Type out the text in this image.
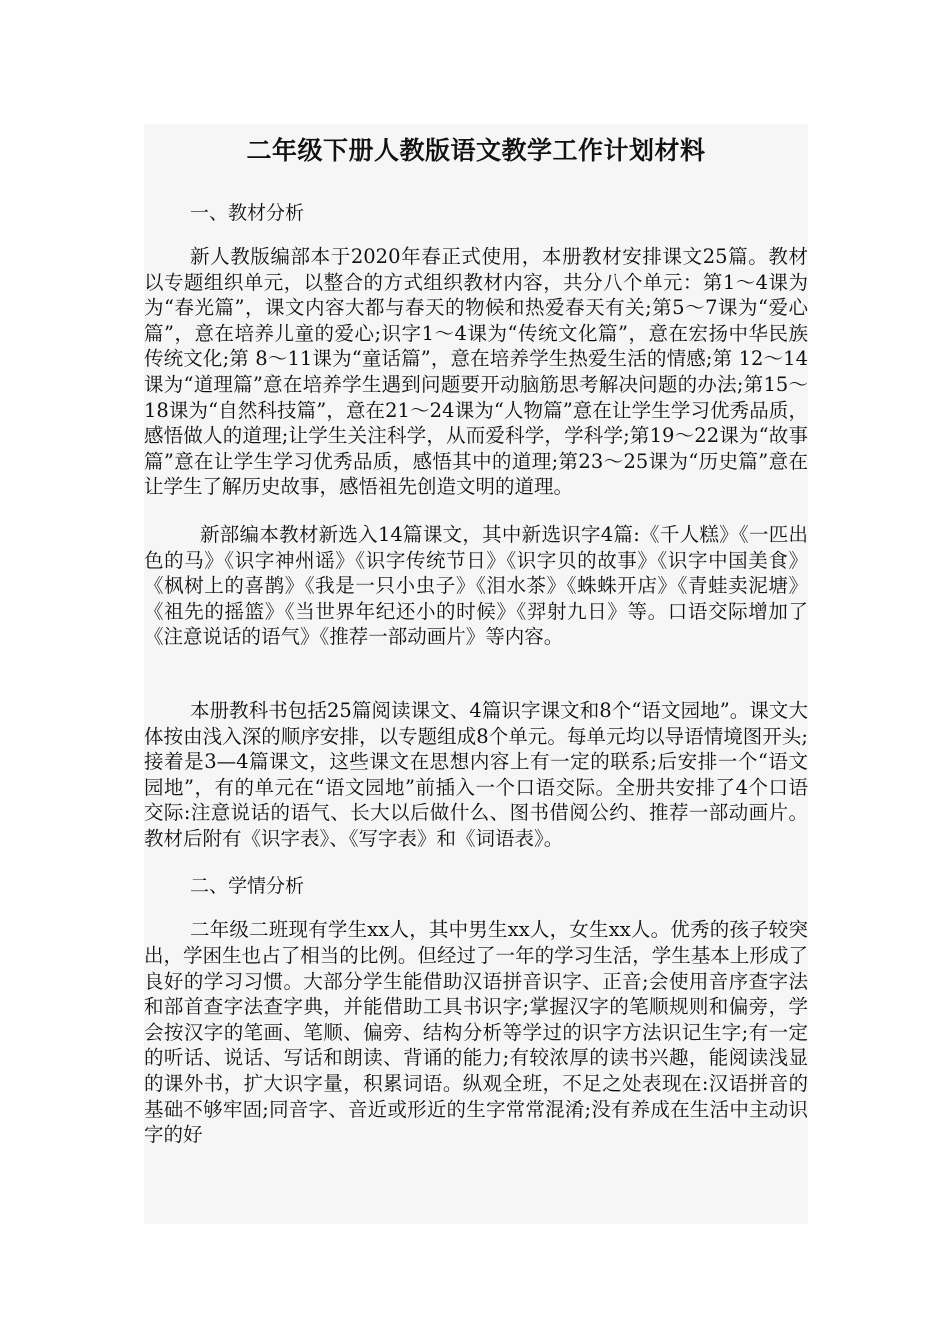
二年级下册人教版语文教学工作计划材料
一、教材分析

新人教版编部本于2020年春正式使用，本册教材安排课文25篇。教材以专题组织单元，以整合的方式组织教材内容，共分八个单元：第1～4课为为“春光篇”，课文内容大都与春天的物候和热爱春天有关;第5～7课为“爱心篇”，意在培养儿童的爱心;识字1～4课为“传统文化篇”，意在宏扬中华民族传统文化;第 8～11课为“童话篇”，意在培养学生热爱生活的情感;第 12～14课为“道理篇”意在培养学生遇到问题要开动脑筋思考解决问题的办法;第15～18课为“自然科技篇”，意在21～24课为“人物篇”意在让学生学习优秀品质，感悟做人的道理;让学生关注科学，从而爱科学，学科学;第19～22课为“故事篇”意在让学生学习优秀品质，感悟其中的道理;第23～25课为“历史篇”意在让学生了解历史故事，感悟祖先创造文明的道理。

新部编本教材新选入14篇课文，其中新选识字4篇:《千人糕》《一匹出色的马》《识字神州谣》《识字传统节日》《识字贝的故事》《识字中国美食》《枫树上的喜鹊》《我是一只小虫子》《泪水茶》《蛛蛛开店》《青蛙卖泥塘》《祖先的摇篮》《当世界年纪还小的时候》《羿射九日》等。口语交际增加了《注意说话的语气》《推荐一部动画片》等内容。

本册教科书包括25篇阅读课文、4篇识字课文和8个“语文园地”。课文大体按由浅入深的顺序安排，以专题组成8个单元。每单元均以导语情境图开头;接着是3—4篇课文，这些课文在思想内容上有一定的联系;后安排一个“语文园地”，有的单元在“语文园地”前插入一个口语交际。全册共安排了4个口语交际:注意说话的语气、长大以后做什么、图书借阅公约、推荐一部动画片。教材后附有《识字表》、《写字表》和《词语表》。

二、学情分析

二年级二班现有学生xx人，其中男生xx人，女生xx人。优秀的孩子较突出，学困生也占了相当的比例。但经过了一年的学习生活，学生基本上形成了良好的学习习惯。大部分学生能借助汉语拼音识字、正音;会使用音序查字法和部首查字法查字典，并能借助工具书识字;掌握汉字的笔顺规则和偏旁，学会按汉字的笔画、笔顺、偏旁、结构分析等学过的识字方法识记生字;有一定的听话、说话、写话和朗读、背诵的能力;有较浓厚的读书兴趣，能阅读浅显的课外书，扩大识字量，积累词语。纵观全班，不足之处表现在:汉语拼音的基础不够牢固;同音字、音近或形近的生字常常混淆;没有养成在生活中主动识字的好
